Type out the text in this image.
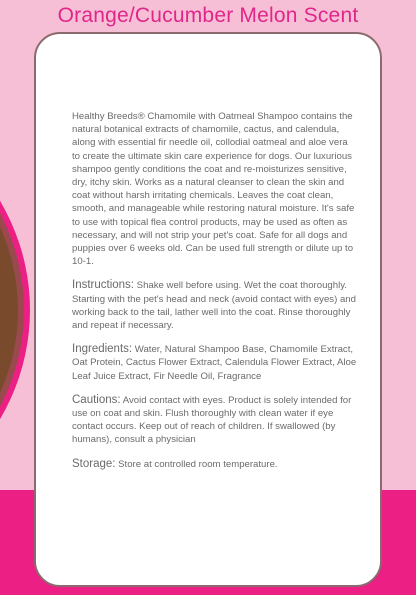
Orange/Cucumber Melon Scent

Healthy Breeds® Chamomile with Oatmeal Shampoo contains the natural botanical extracts of chamomile, cactus, and calendula, along with essential fir needle oil, collodial oatmeal and aloe vera to create the ultimate skin care experience for dogs. Our luxurious shampoo gently conditions the coat and re-moisturizes sensitive, dry, itchy skin. Works as a natural cleanser to clean the skin and coat without harsh irritating chemicals. Leaves the coat clean, smooth, and manageable while restoring natural moisture. It's safe to use with topical flea control products, may be used as often as necessary, and will not strip your pet's coat. Safe for all dogs and puppies over 6 weeks old. Can be used full strength or dilute up to 10-1.

Instructions: Shake well before using. Wet the coat thoroughly. Starting with the pet's head and neck (avoid contact with eyes) and working back to the tail, lather well into the coat. Rinse thoroughly and repeat if necessary.

Ingredients: Water, Natural Shampoo Base, Chamomile Extract, Oat Protein, Cactus Flower Extract, Calendula Flower Extract, Aloe Leaf Juice Extract, Fir Needle Oil, Fragrance

Cautions: Avoid contact with eyes. Product is solely intended for use on coat and skin. Flush thoroughly with clean water if eye contact occurs. Keep out of reach of children. If swallowed (by humans), consult a physician

Storage: Store at controlled room temperature.
